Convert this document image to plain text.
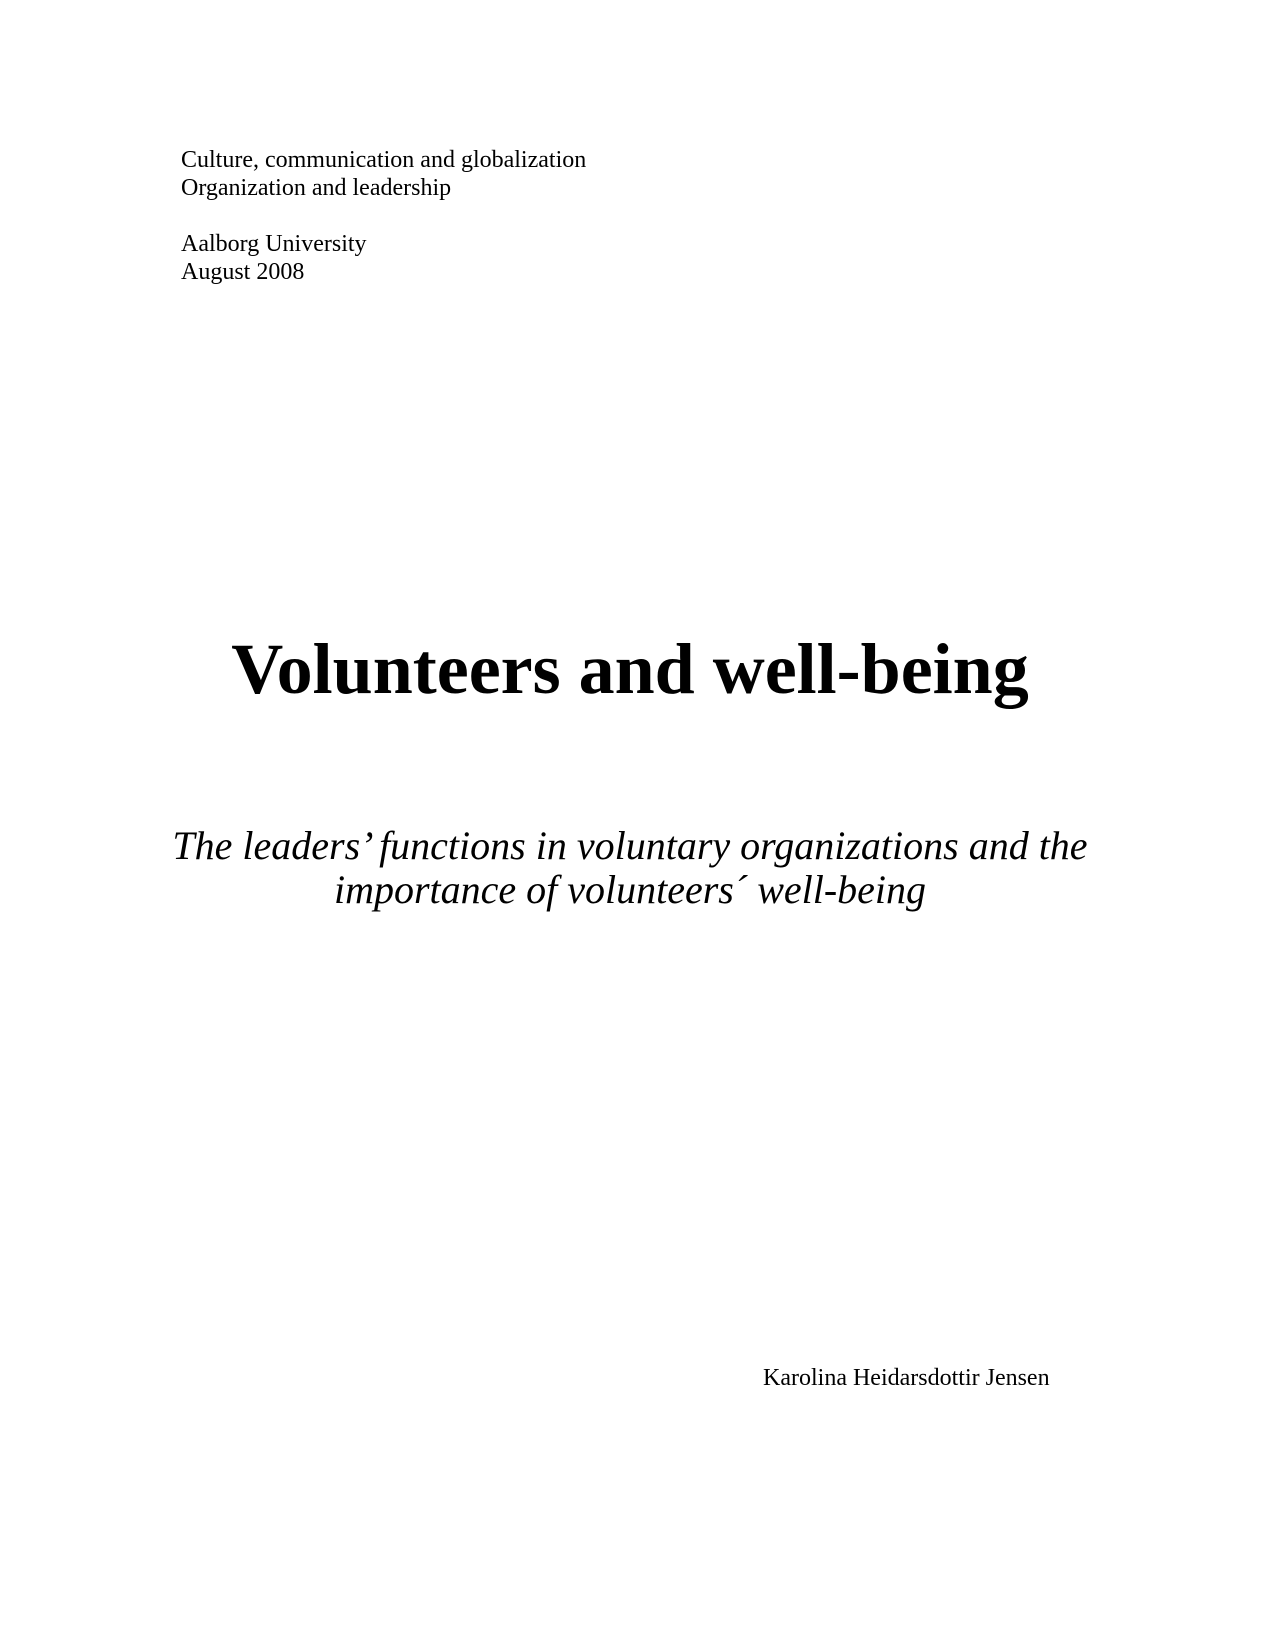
Culture, communication and globalization
Organization and leadership
Aalborg University
August 2008
Volunteers and well-being
The leaders’ functions in voluntary organizations and the
importance of volunteers´ well-being
Karolina Heidarsdottir Jensen
